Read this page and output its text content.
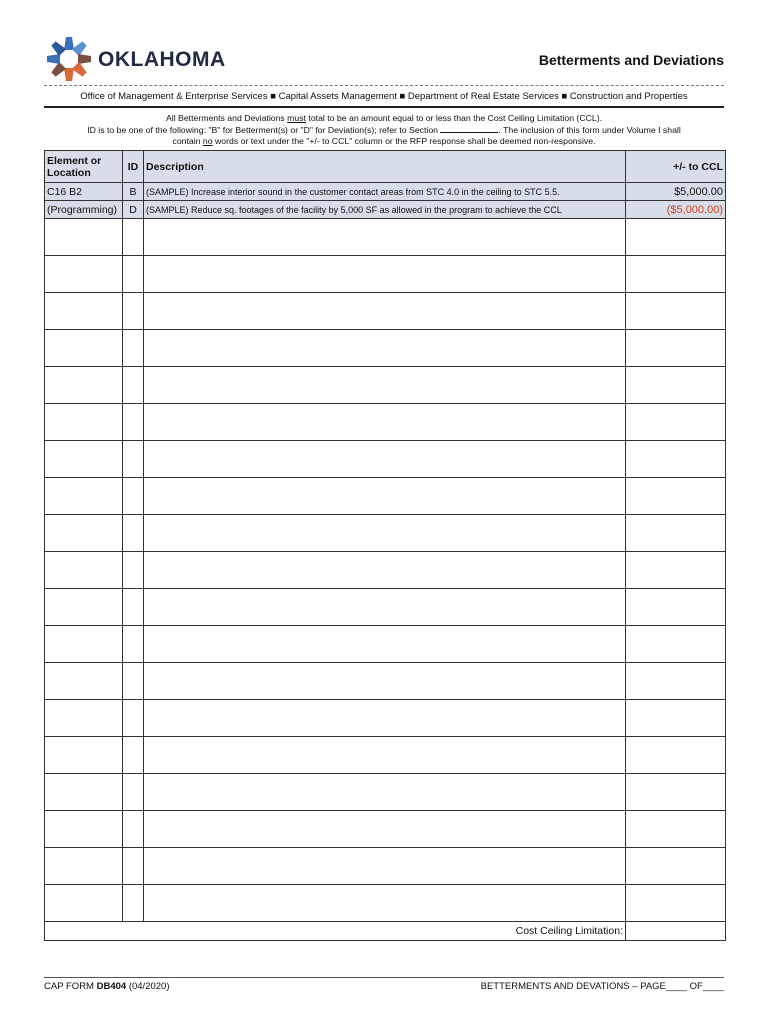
OKLAHOMA	Betterments and Deviations
Office of Management & Enterprise Services ■ Capital Assets Management ■ Department of Real Estate Services ■ Construction and Properties
All Betterments and Deviations must total to be an amount equal to or less than the Cost Ceiling Limitation (CCL).
ID is to be one of the following: "B" for Betterment(s) or "D" for Deviation(s); refer to Section	. The inclusion of this form under Volume I shall
contain no words or text under the "+/- to CCL" column or the RFP response shall be deemed non-responsive.
Element or Location	ID	Description	+/- to CCL
C16 B2	B	(SAMPLE) Increase interior sound in the customer contact areas from STC 4.0 in the ceiling to STC 5.5.	$5,000.00
(Programming)	D	(SAMPLE) Reduce sq. footages of the facility by 5,000 SF as allowed in the program to achieve the CCL	($5,000.00)

Cost Ceiling Limitation:			
CAP FORM DB404 (04/2020)	BETTERMENTS AND DEVATIONS – PAGE____ OF____
